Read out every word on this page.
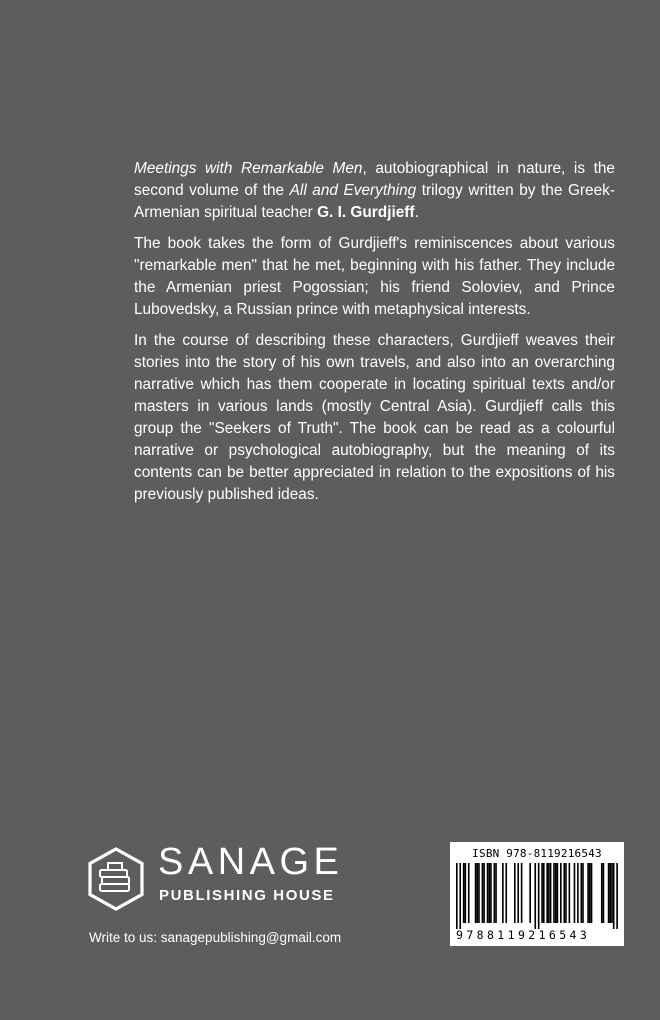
Meetings with Remarkable Men, autobiographical in nature, is the second volume of the All and Everything trilogy written by the Greek-Armenian spiritual teacher G. I. Gurdjieff.

The book takes the form of Gurdjieff's reminiscences about various "remarkable men" that he met, beginning with his father. They include the Armenian priest Pogossian; his friend Soloviev, and Prince Lubovedsky, a Russian prince with metaphysical interests.

In the course of describing these characters, Gurdjieff weaves their stories into the story of his own travels, and also into an overarching narrative which has them cooperate in locating spiritual texts and/or masters in various lands (mostly Central Asia). Gurdjieff calls this group the "Seekers of Truth". The book can be read as a colourful narrative or psychological autobiography, but the meaning of its contents can be better appreciated in relation to the expositions of his previously published ideas.

SANAGE
PUBLISHING HOUSE
Write to us: sanagepublishing@gmail.com
ISBN 978-8119216543
9788119216543
